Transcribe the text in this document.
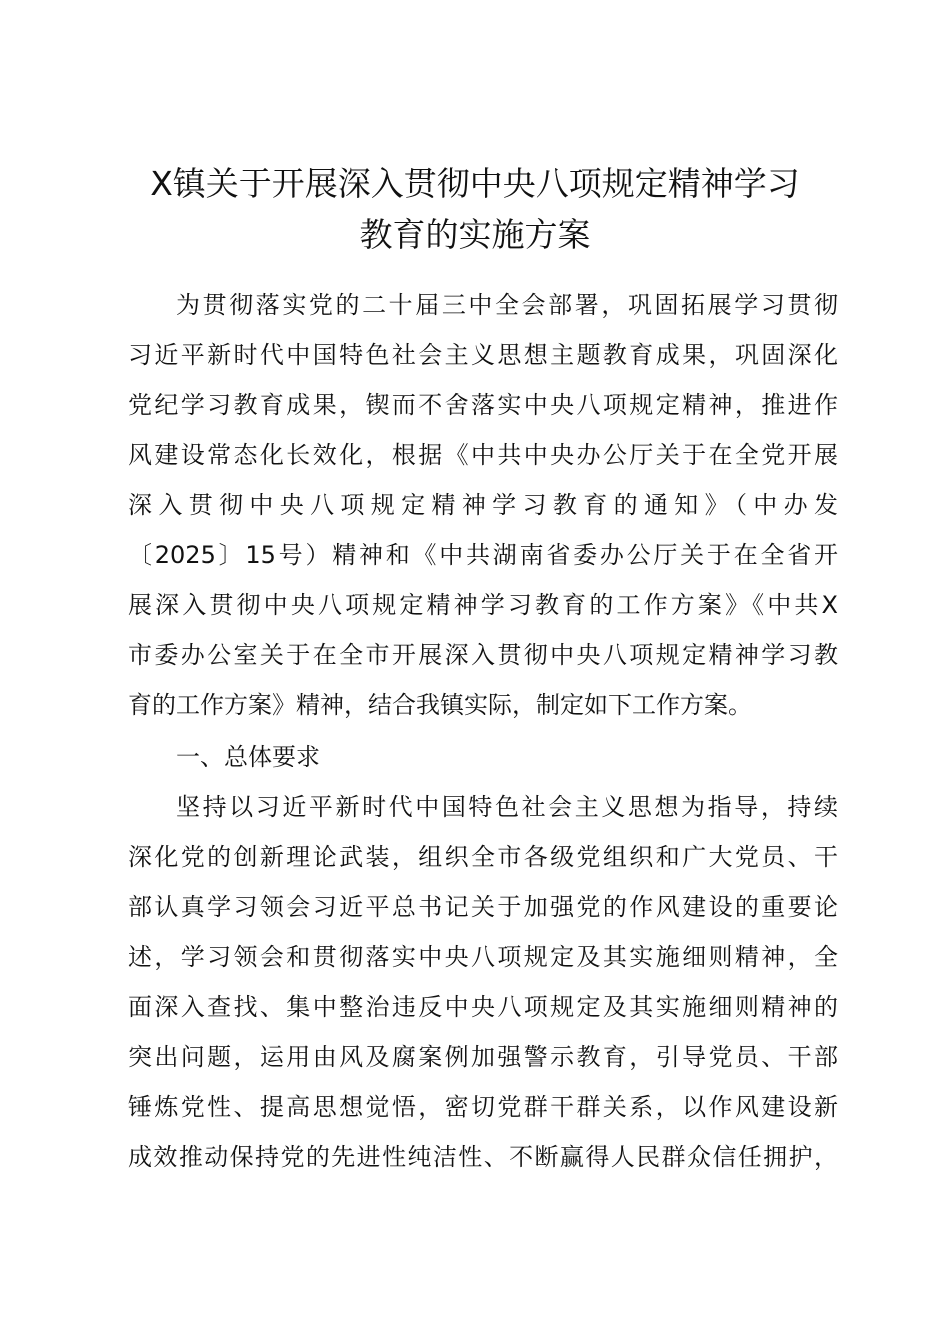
X镇关于开展深入贯彻中央八项规定精神学习
教育的实施方案

为贯彻落实党的二十届三中全会部署，巩固拓展学习贯彻

习近平新时代中国特色社会主义思想主题教育成果，巩固深化

党纪学习教育成果，锲而不舍落实中央八项规定精神，推进作

风建设常态化长效化，根据《中共中央办公厅关于在全党开展

深入贯彻中央八项规定精神学习教育的通知》（中办发

〔2025〕15号）精神和《中共湖南省委办公厅关于在全省开

展深入贯彻中央八项规定精神学习教育的工作方案》《中共X

市委办公室关于在全市开展深入贯彻中央八项规定精神学习教

育的工作方案》精神，结合我镇实际，制定如下工作方案。

一、总体要求

坚持以习近平新时代中国特色社会主义思想为指导，持续

深化党的创新理论武装，组织全市各级党组织和广大党员、干

部认真学习领会习近平总书记关于加强党的作风建设的重要论

述，学习领会和贯彻落实中央八项规定及其实施细则精神，全

面深入查找、集中整治违反中央八项规定及其实施细则精神的

突出问题，运用由风及腐案例加强警示教育，引导党员、干部

锤炼党性、提高思想觉悟，密切党群干群关系，以作风建设新

成效推动保持党的先进性纯洁性、不断赢得人民群众信任拥护，
